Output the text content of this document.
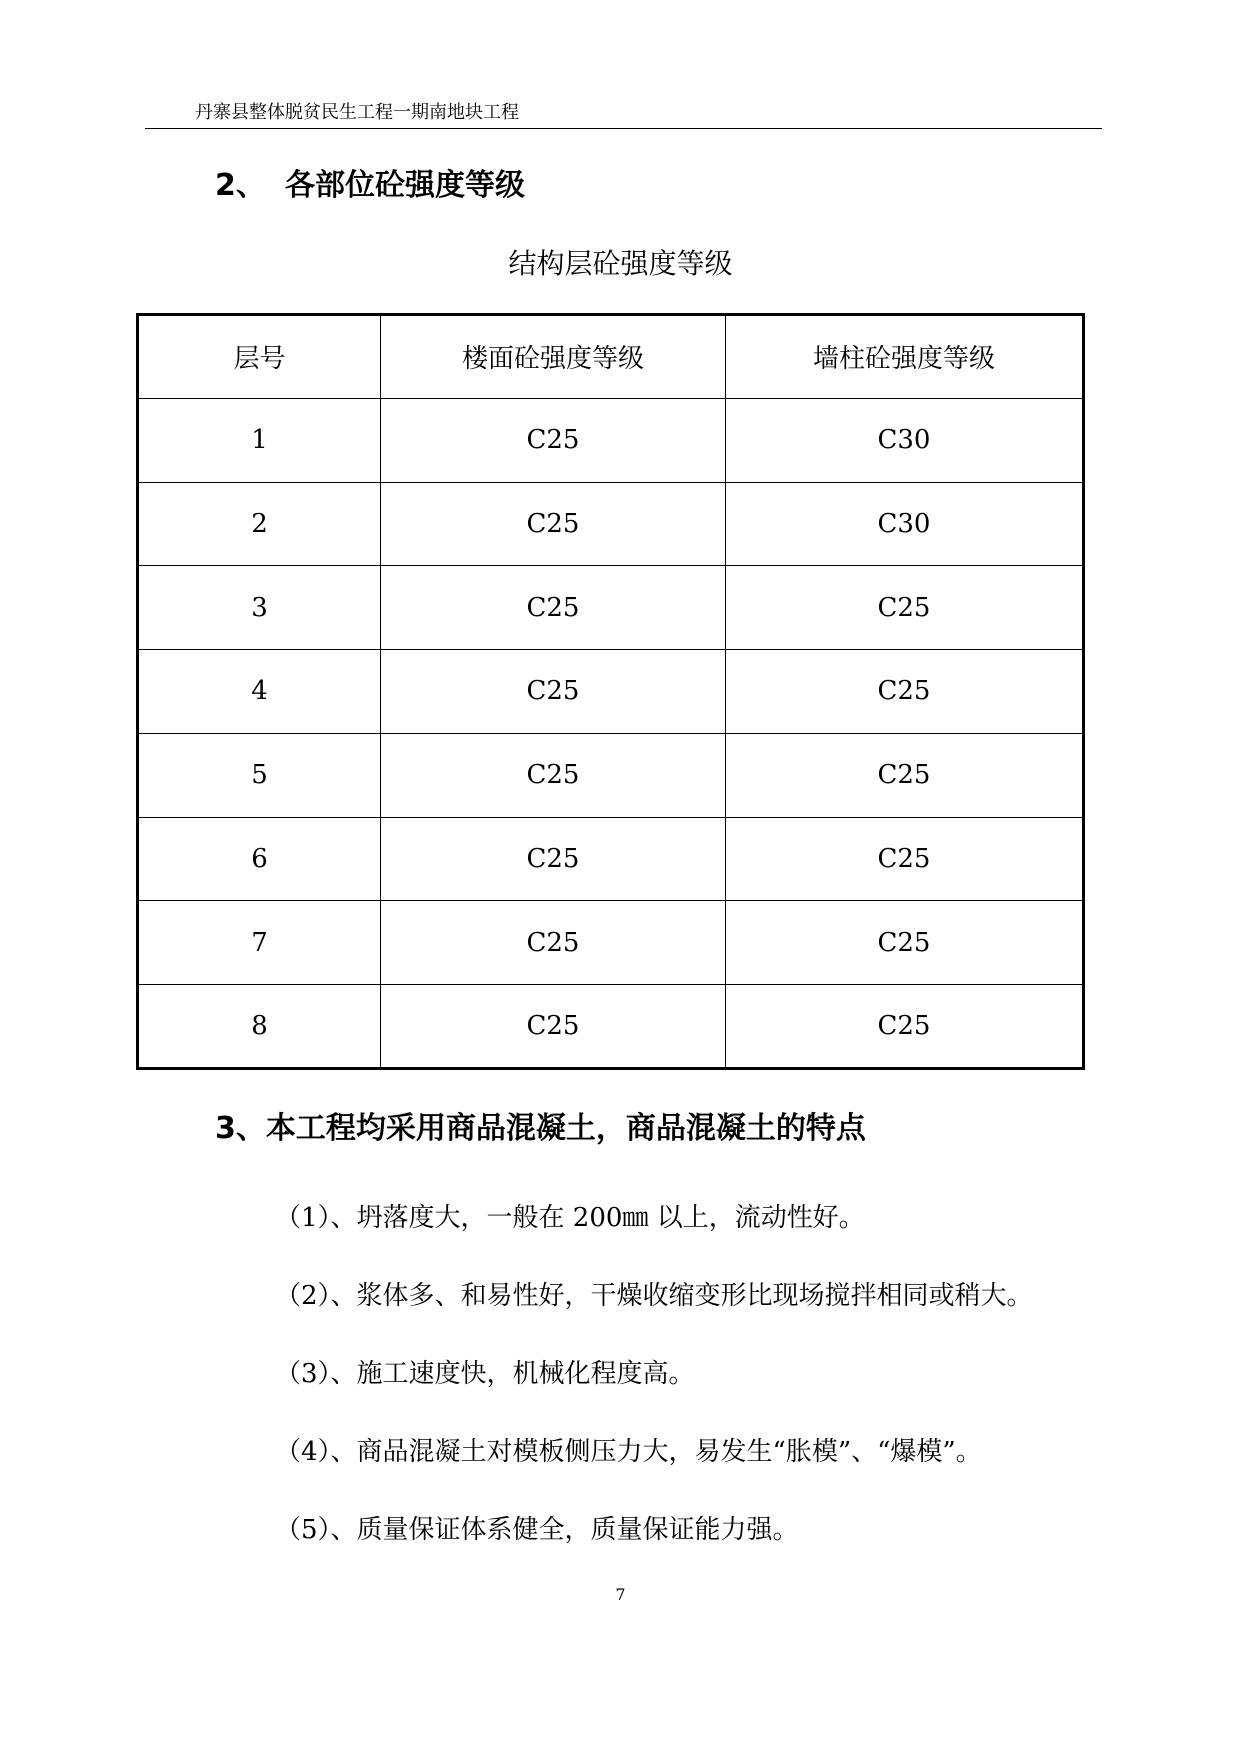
丹寨县整体脱贫民生工程一期南地块工程
2、 各部位砼强度等级
结构层砼强度等级
层号	楼面砼强度等级	墙柱砼强度等级
1	C25	C30
2	C25	C30
3	C25	C25
4	C25	C25
5	C25	C25
6	C25	C25
7	C25	C25
8	C25	C25
3、本工程均采用商品混凝土，商品混凝土的特点
（1）、坍落度大，一般在 200㎜ 以上，流动性好。
（2）、浆体多、和易性好，干燥收缩变形比现场搅拌相同或稍大。
（3）、施工速度快，机械化程度高。
（4）、商品混凝土对模板侧压力大，易发生“胀模”、“爆模”。
（5）、质量保证体系健全，质量保证能力强。
7
